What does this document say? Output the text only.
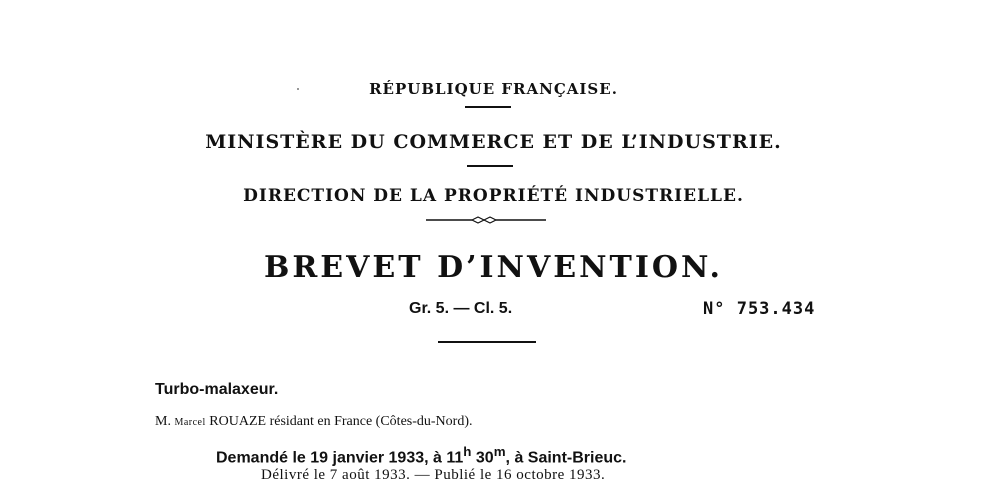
RÉPUBLIQUE FRANÇAISE.
MINISTÈRE DU COMMERCE ET DE L’INDUSTRIE.
DIRECTION DE LA PROPRIÉTÉ INDUSTRIELLE.
BREVET D’INVENTION.
Gr. 5. — Cl. 5.	N° 753.434
Turbo-malaxeur.
M. Marcel ROUAZE résidant en France (Côtes-du-Nord).
Demandé le 19 janvier 1933, à 11$^h$ 30$^m$, à Saint-Brieuc.
Délivré le 7 août 1933. — Publié le 16 octobre 1933.
